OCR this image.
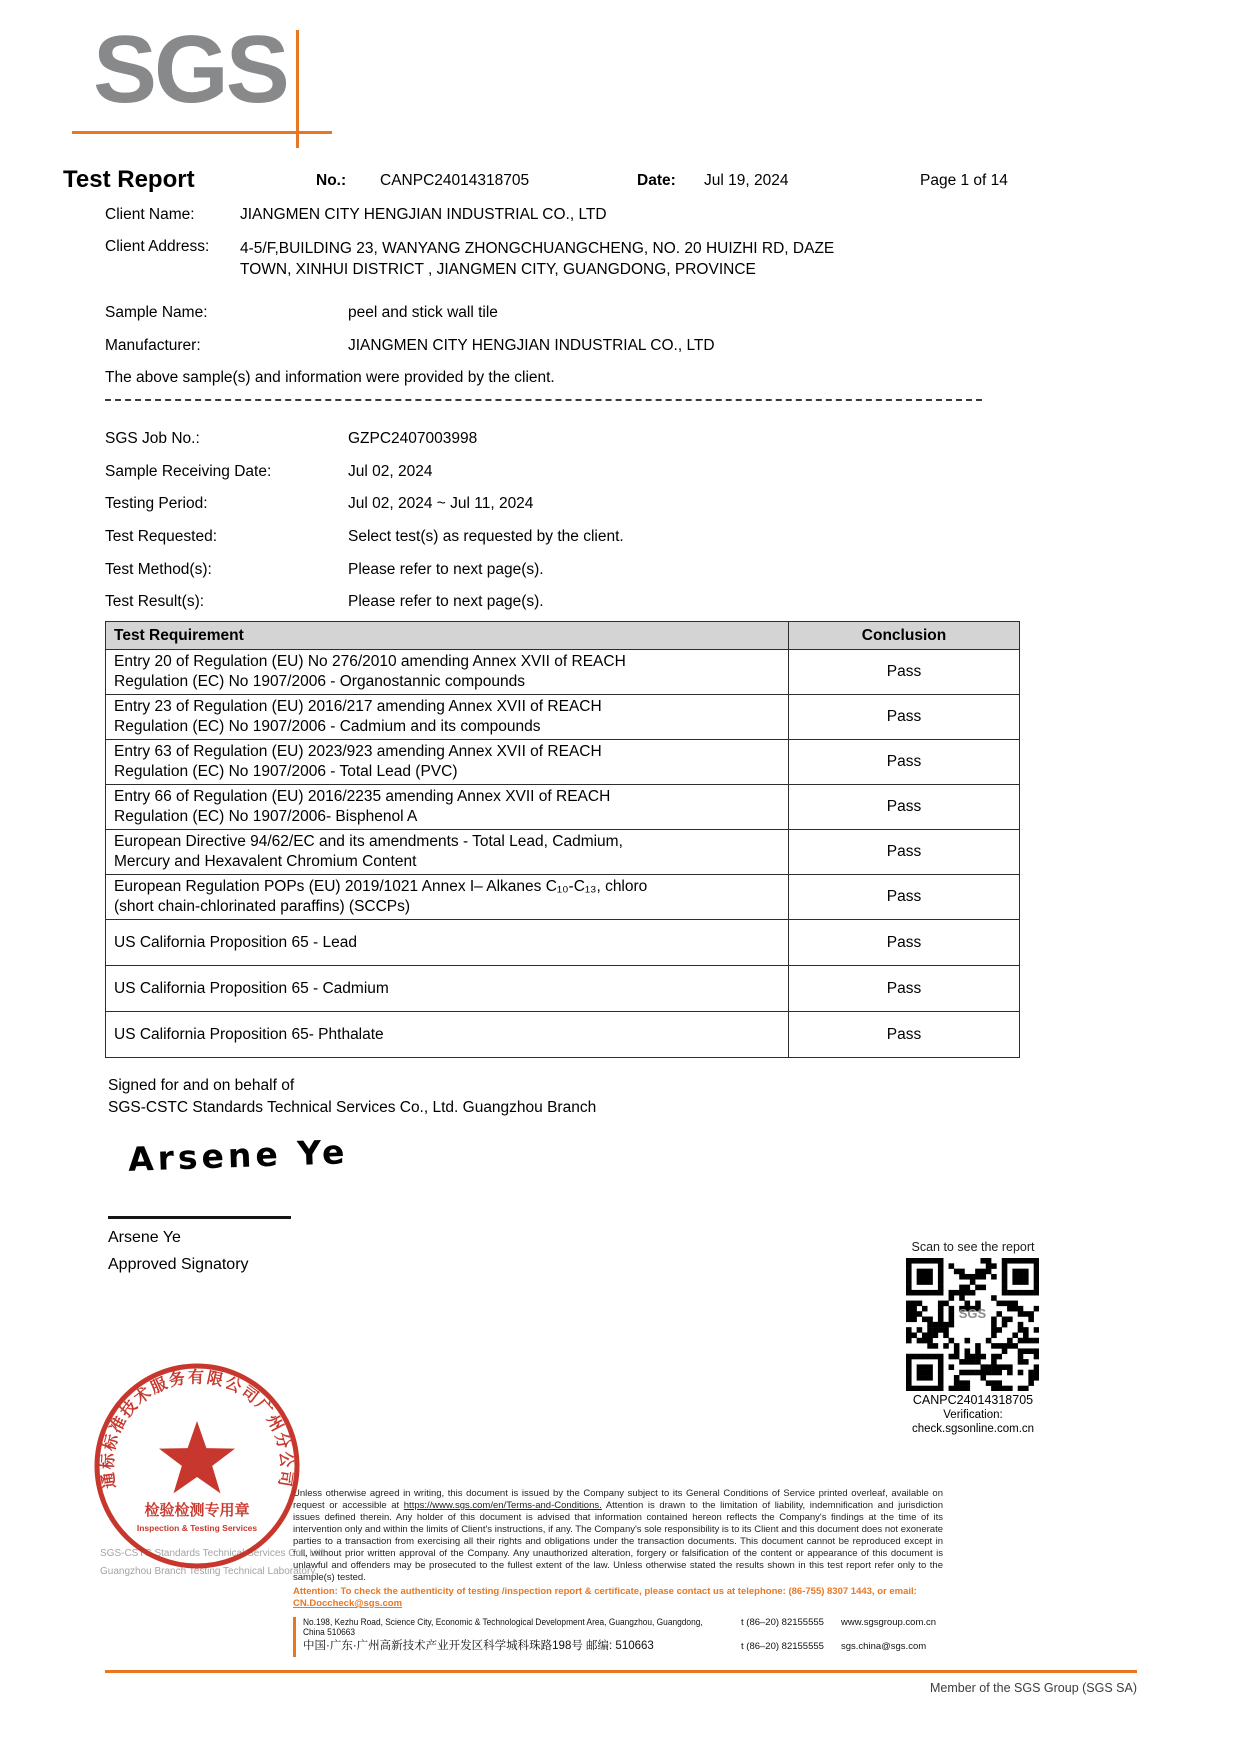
SGS
Test Report	No.: CANPC24014318705	Date: Jul 19, 2024	Page 1 of 14
Client Name:	JIANGMEN CITY HENGJIAN INDUSTRIAL CO., LTD
Client Address: 4-5/F,BUILDING 23, WANYANG ZHONGCHUANGCHENG, NO. 20 HUIZHI RD, DAZE
TOWN, XINHUI DISTRICT , JIANGMEN CITY, GUANGDONG, PROVINCE
Sample Name:	peel and stick wall tile
Manufacturer:	JIANGMEN CITY HENGJIAN INDUSTRIAL CO., LTD
The above sample(s) and information were provided by the client.
SGS Job No.:	GZPC2407003998
Sample Receiving Date:	Jul 02, 2024
Testing Period:	Jul 02, 2024 ~ Jul 11, 2024
Test Requested:	Select test(s) as requested by the client.
Test Method(s):	Please refer to next page(s).
Test Result(s):	Please refer to next page(s).
Test Requirement	Conclusion

Entry 20 of Regulation (EU) No 276/2010 amending Annex XVII of REACH
Regulation (EC) No 1907/2006 - Organostannic compounds	Pass

Entry 23 of Regulation (EU) 2016/217 amending Annex XVII of REACH
Regulation (EC) No 1907/2006 - Cadmium and its compounds	Pass

Entry 63 of Regulation (EU) 2023/923 amending Annex XVII of REACH
Regulation (EC) No 1907/2006 - Total Lead (PVC)	Pass

Entry 66 of Regulation (EU) 2016/2235 amending Annex XVII of REACH
Regulation (EC) No 1907/2006- Bisphenol A	Pass

European Directive 94/62/EC and its amendments - Total Lead, Cadmium,
Mercury and Hexavalent Chromium Content	Pass

European Regulation POPs (EU) 2019/1021 Annex I– Alkanes C₁₀-C₁₃, chloro
(short chain-chlorinated paraffins) (SCCPs)	Pass

US California Proposition 65 - Lead	Pass

US California Proposition 65 - Cadmium	Pass

US California Proposition 65- Phthalate	Pass
Signed for and on behalf of
SGS-CSTC Standards Technical Services Co., Ltd. Guangzhou Branch
Arsene Ye
Arsene Ye
Approved Signatory
Scan to see the report
SGS
CANPC24014318705
Verification:
check.sgsonline.com.cn
SGS-CSTC Standards Technical Services Co., Ltd.
Guangzhou Branch Testing Technical Laboratory.
通标标准技术服务有限公司广州分公司
检验检测专用章
Inspection & Testing Services

Unless otherwise agreed in writing, this document is issued by the Company subject to its General Conditions of Service printed overleaf, available on request or accessible at https://www.sgs.com/en/Terms-and-Conditions. Attention is drawn to the limitation of liability, indemnification and jurisdiction issues defined therein. Any holder of this document is advised that information contained hereon reflects the Company's findings at the time of its intervention only and within the limits of Client's instructions, if any. The Company's sole responsibility is to its Client and this document does not exonerate parties to a transaction from exercising all their rights and obligations under the transaction documents. This document cannot be reproduced except in full, without prior written approval of the Company. Any unauthorized alteration, forgery or falsification of the content or appearance of this document is unlawful and offenders may be prosecuted to the fullest extent of the law. Unless otherwise stated the results shown in this test report refer only to the sample(s) tested.

Attention: To check the authenticity of testing /inspection report & certificate, please contact us at telephone: (86-755) 8307 1443, or email: CN.Doccheck@sgs.com

No.198, Kezhu Road, Science City, Economic & Technological Development Area, Guangzhou, Guangdong, China 510663
t (86–20) 82155555	www.sgsgroup.com.cn
中国·广东·广州高新技术产业开发区科学城科珠路198号 邮编: 510663	t (86–20) 82155555	sgs.china@sgs.com
Member of the SGS Group (SGS SA)
